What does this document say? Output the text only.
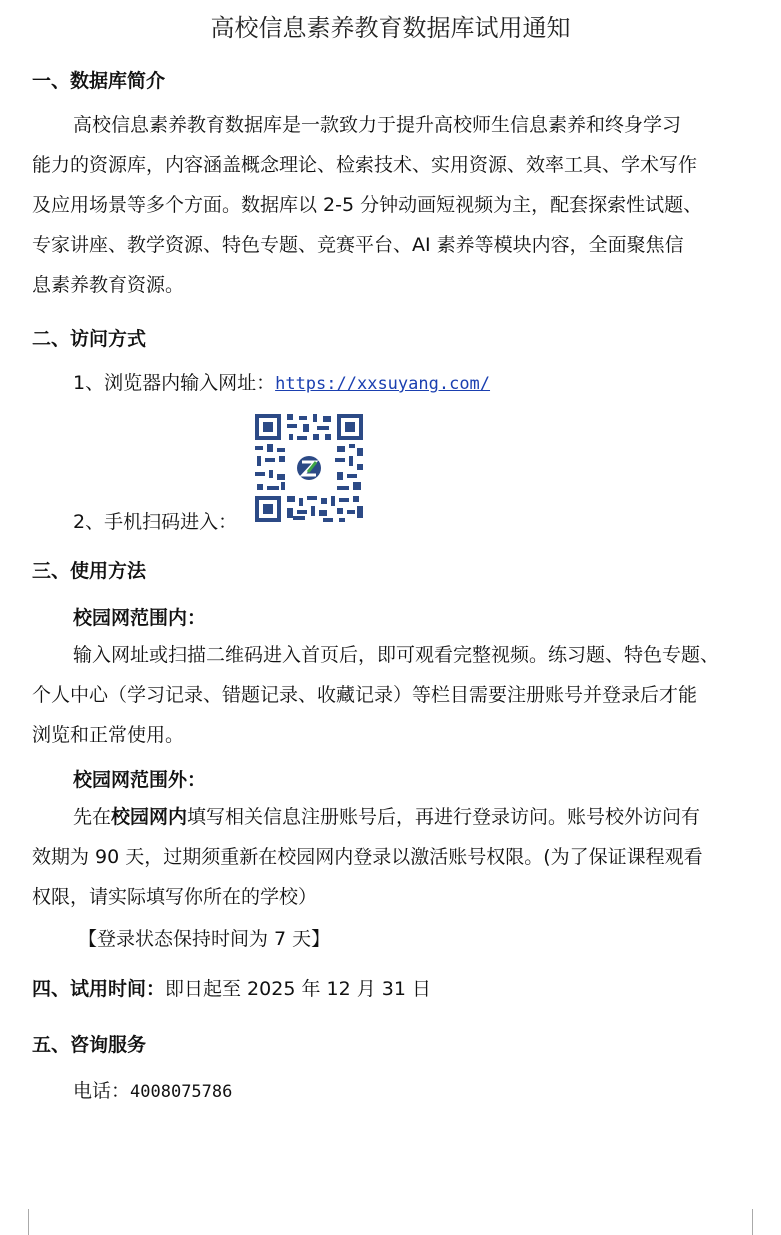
高校信息素养教育数据库试用通知
一、数据库简介
高校信息素养教育数据库是一款致力于提升高校师生信息素养和终身学习
能力的资源库，内容涵盖概念理论、检索技术、实用资源、效率工具、学术写作
及应用场景等多个方面。数据库以 2-5 分钟动画短视频为主，配套探索性试题、
专家讲座、教学资源、特色专题、竞赛平台、AI 素养等模块内容，全面聚焦信
息素养教育资源。
二、访问方式
1、浏览器内输入网址：https://xxsuyang.com/
2、手机扫码进入：
三、使用方法
校园网范围内：
输入网址或扫描二维码进入首页后，即可观看完整视频。练习题、特色专题、
个人中心（学习记录、错题记录、收藏记录）等栏目需要注册账号并登录后才能
浏览和正常使用。
校园网范围外：
先在校园网内填写相关信息注册账号后，再进行登录访问。账号校外访问有
效期为 90 天，过期须重新在校园网内登录以激活账号权限。(为了保证课程观看
权限，请实际填写你所在的学校）
【登录状态保持时间为 7 天】
四、试用时间：即日起至 2025 年 12 月 31 日
五、咨询服务
电话：4008075786
